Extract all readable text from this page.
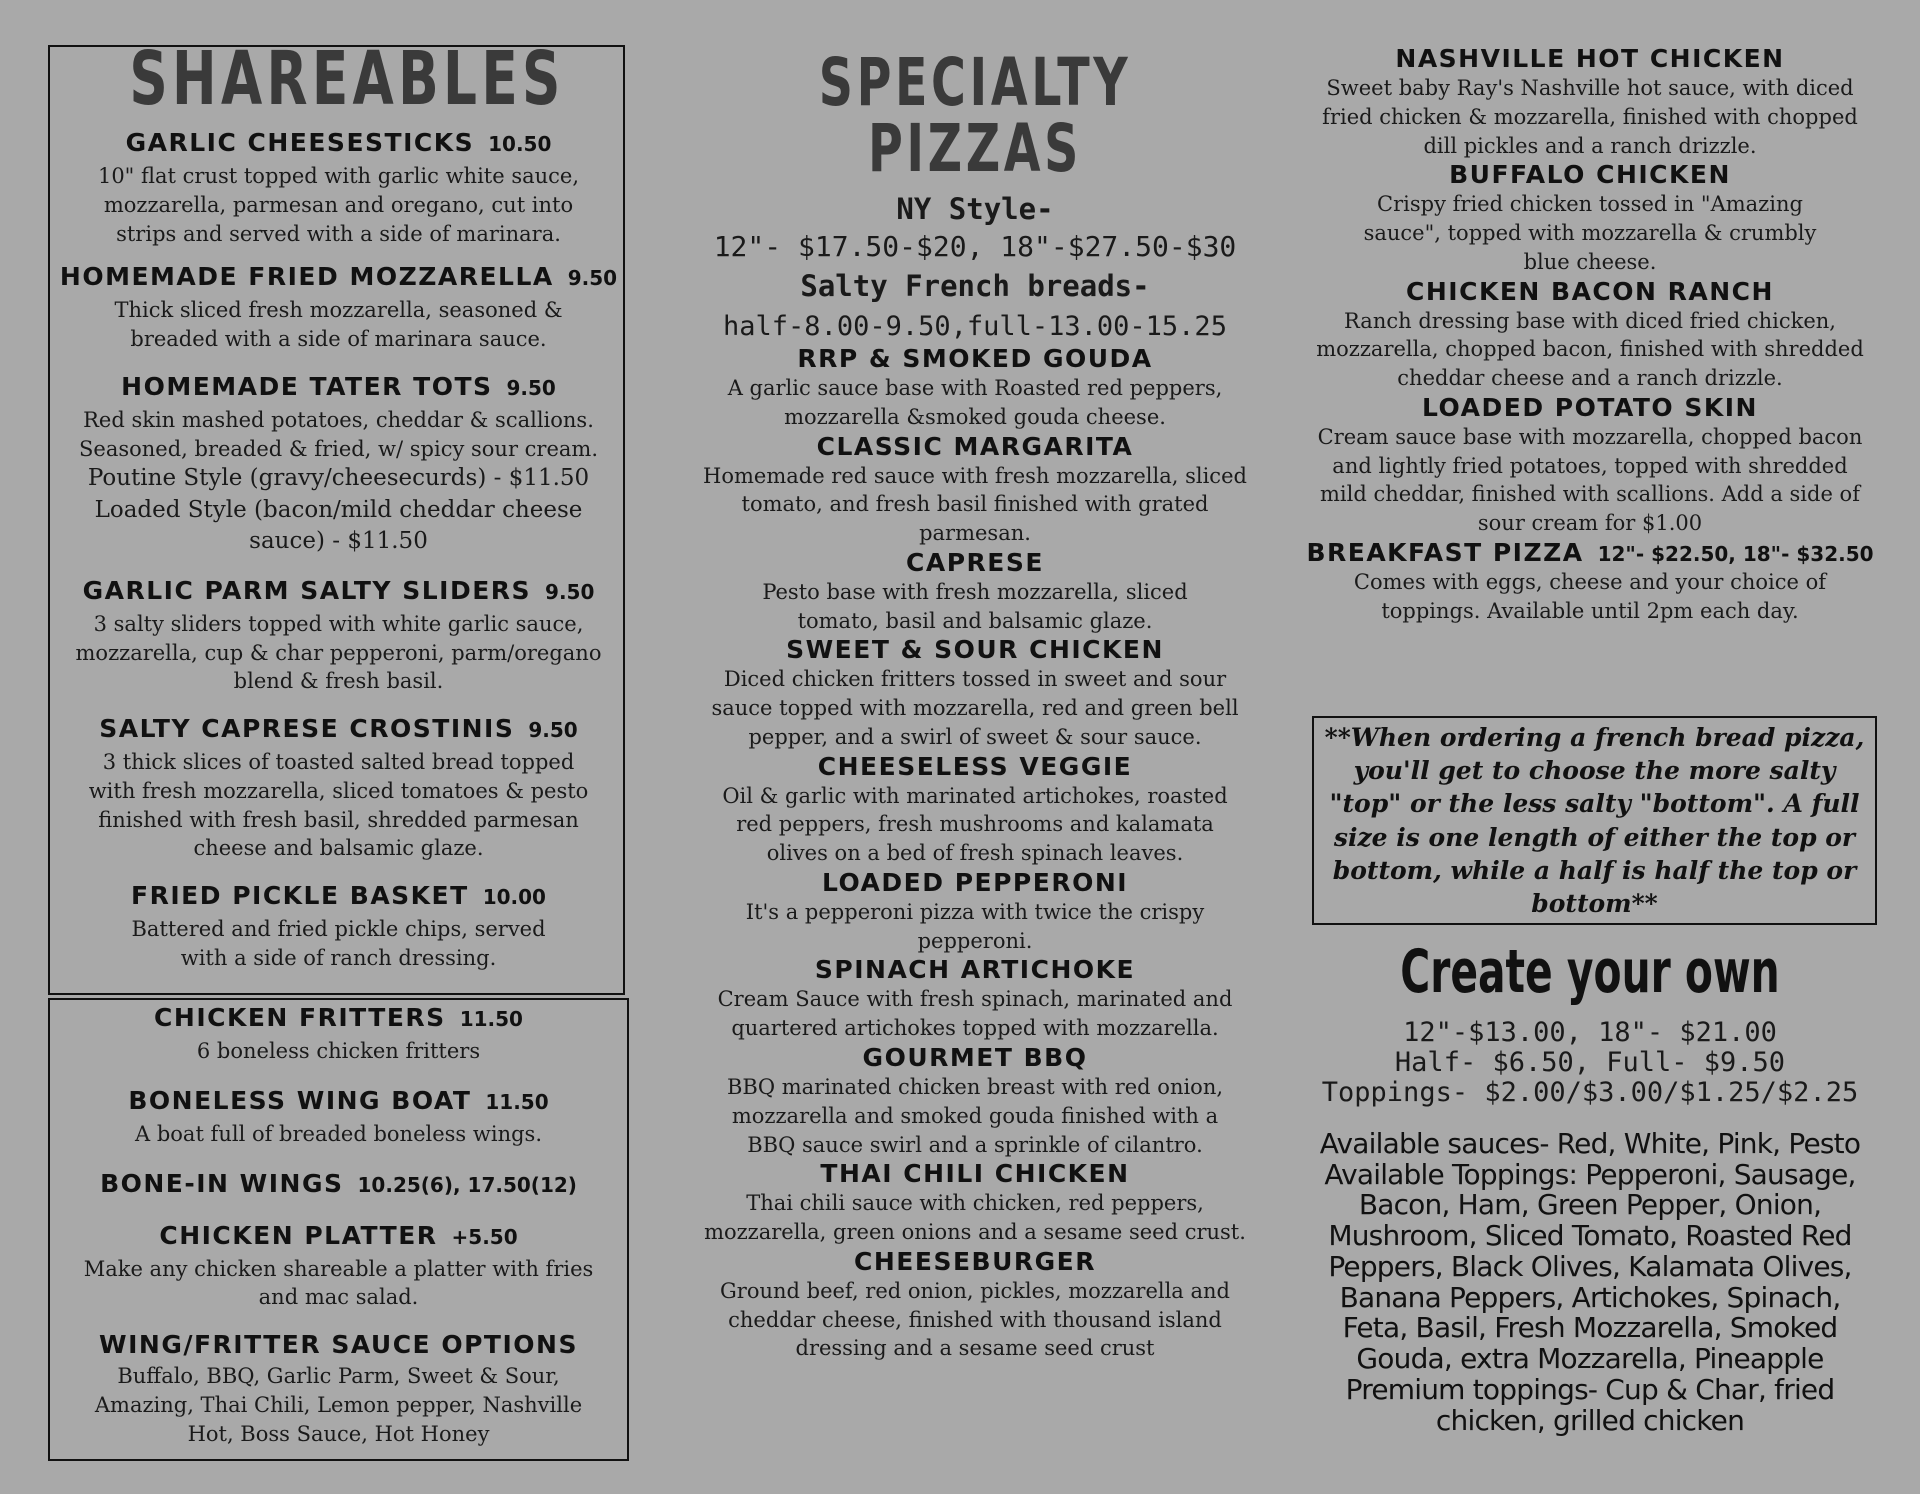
SHAREABLES

GARLIC CHEESESTICKS 10.50

10" flat crust topped with garlic white sauce, mozzarella, parmesan and oregano, cut into strips and served with a side of marinara.

HOMEMADE FRIED MOZZARELLA 9.50

Thick sliced fresh mozzarella, seasoned & breaded with a side of marinara sauce.

HOMEMADE TATER TOTS 9.50

Red skin mashed potatoes, cheddar & scallions. Seasoned, breaded & fried, w/ spicy sour cream.

Poutine Style (gravy/cheesecurds) - $11.50

Loaded Style (bacon/mild cheddar cheese sauce) - $11.50

GARLIC PARM SALTY SLIDERS 9.50

3 salty sliders topped with white garlic sauce, mozzarella, cup & char pepperoni, parm/oregano blend & fresh basil.

SALTY CAPRESE CROSTINIS 9.50

3 thick slices of toasted salted bread topped with fresh mozzarella, sliced tomatoes & pesto finished with fresh basil, shredded parmesan cheese and balsamic glaze.

FRIED PICKLE BASKET 10.00

Battered and fried pickle chips, served with a side of ranch dressing.

CHICKEN FRITTERS 11.50

6 boneless chicken fritters

BONELESS WING BOAT 11.50

A boat full of breaded boneless wings.

BONE-IN WINGS 10.25(6), 17.50(12)

CHICKEN PLATTER +5.50

Make any chicken shareable a platter with fries and mac salad.

WING/FRITTER SAUCE OPTIONS

Buffalo, BBQ, Garlic Parm, Sweet & Sour, Amazing, Thai Chili, Lemon pepper, Nashville Hot, Boss Sauce, Hot Honey

SPECIALTY PIZZAS

NY Style-

12"- $17.50-$20, 18"-$27.50-$30

Salty French breads-

half-8.00-9.50,full-13.00-15.25

RRP & SMOKED GOUDA

A garlic sauce base with Roasted red peppers, mozzarella &smoked gouda cheese.

CLASSIC MARGARITA

Homemade red sauce with fresh mozzarella, sliced tomato, and fresh basil finished with grated parmesan.

CAPRESE

Pesto base with fresh mozzarella, sliced tomato, basil and balsamic glaze.

SWEET & SOUR CHICKEN

Diced chicken fritters tossed in sweet and sour sauce topped with mozzarella, red and green bell pepper, and a swirl of sweet & sour sauce.

CHEESELESS VEGGIE

Oil & garlic with marinated artichokes, roasted red peppers, fresh mushrooms and kalamata olives on a bed of fresh spinach leaves.

LOADED PEPPERONI

It's a pepperoni pizza with twice the crispy pepperoni.

SPINACH ARTICHOKE

Cream Sauce with fresh spinach, marinated and quartered artichokes topped with mozzarella.

GOURMET BBQ

BBQ marinated chicken breast with red onion, mozzarella and smoked gouda finished with a BBQ sauce swirl and a sprinkle of cilantro.

THAI CHILI CHICKEN

Thai chili sauce with chicken, red peppers, mozzarella, green onions and a sesame seed crust.

CHEESEBURGER

Ground beef, red onion, pickles, mozzarella and cheddar cheese, finished with thousand island dressing and a sesame seed crust

NASHVILLE HOT CHICKEN

Sweet baby Ray's Nashville hot sauce, with diced fried chicken & mozzarella, finished with chopped dill pickles and a ranch drizzle.

BUFFALO CHICKEN

Crispy fried chicken tossed in "Amazing sauce", topped with mozzarella & crumbly blue cheese.

CHICKEN BACON RANCH

Ranch dressing base with diced fried chicken, mozzarella, chopped bacon, finished with shredded cheddar cheese and a ranch drizzle.

LOADED POTATO SKIN

Cream sauce base with mozzarella, chopped bacon and lightly fried potatoes, topped with shredded mild cheddar, finished with scallions. Add a side of sour cream for $1.00

BREAKFAST PIZZA 12"- $22.50, 18"- $32.50

Comes with eggs, cheese and your choice of toppings. Available until 2pm each day.

**When ordering a french bread pizza, you'll get to choose the more salty "top" or the less salty "bottom". A full size is one length of either the top or bottom, while a half is half the top or bottom**
Create your own

12"-$13.00, 18"- $21.00

Half- $6.50, Full- $9.50

Toppings- $2.00/$3.00/$1.25/$2.25

Available sauces- Red, White, Pink, Pesto

Available Toppings: Pepperoni, Sausage, Bacon, Ham, Green Pepper, Onion, Mushroom, Sliced Tomato, Roasted Red Peppers, Black Olives, Kalamata Olives, Banana Peppers, Artichokes, Spinach, Feta, Basil, Fresh Mozzarella, Smoked Gouda, extra Mozzarella, Pineapple

Premium toppings- Cup & Char, fried chicken, grilled chicken
